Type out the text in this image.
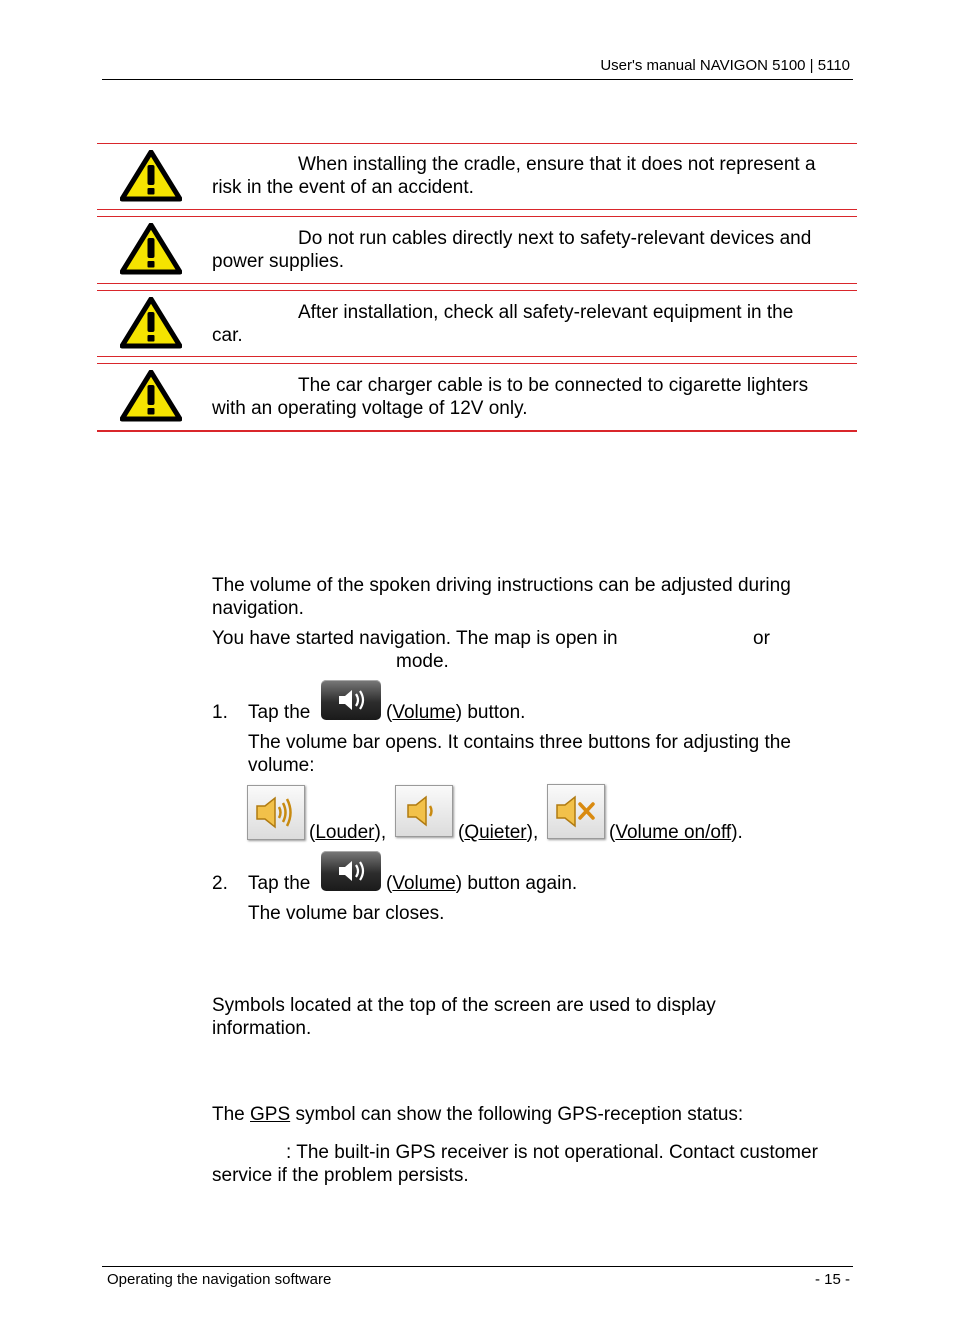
User's manual NAVIGON 5100 | 5110
When installing the cradle, ensure that it does not represent a
risk in the event of an accident.
Do not run cables directly next to safety-relevant devices and
power supplies.
After installation, check all safety-relevant equipment in the
car.
The car charger cable is to be connected to cigarette lighters
with an operating voltage of 12V only.
The volume of the spoken driving instructions can be adjusted during
navigation.
You have started navigation. The map is open in	or
mode.
1. Tap the	(Volume) button.
The volume bar opens. It contains three buttons for adjusting the
volume:
(Louder),	(Quieter),	(Volume on/off).
2. Tap the	(Volume) button again.
The volume bar closes.
Symbols located at the top of the screen are used to display
information.
The GPS symbol can show the following GPS-reception status:
: The built-in GPS receiver is not operational. Contact customer
service if the problem persists.
Operating the navigation software	- 15 -
